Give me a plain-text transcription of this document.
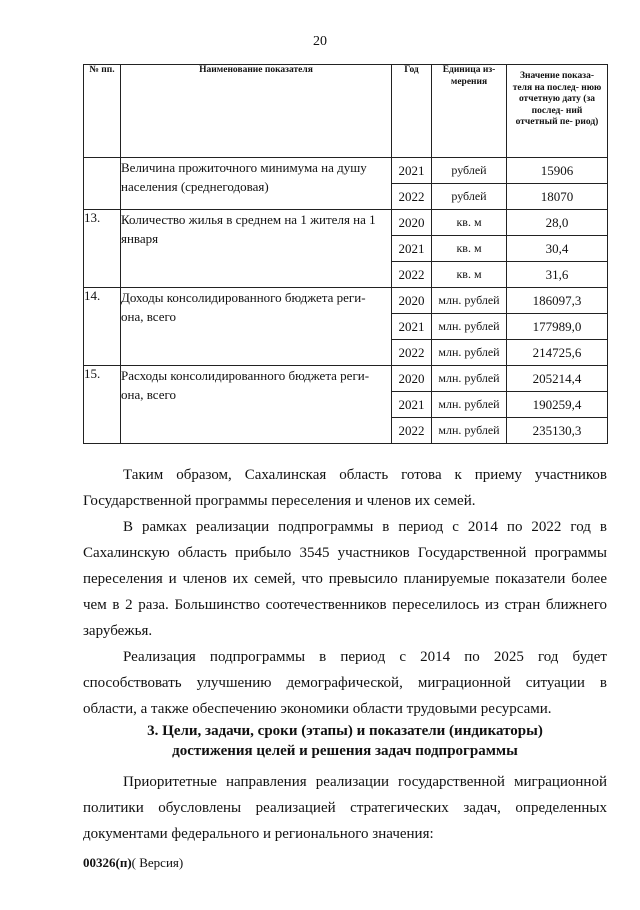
20
№ пп.	Наименование показателя	Год	Единица из- мерения	Значение показа- теля на послед- нюю отчетную дату (за послед- ний отчетный пе- риод)
	Величина прожиточного минимума на душу населения (среднегодовая)	2021	рублей	15906
		2022	рублей	18070
13.	Количество жилья в среднем на 1 жителя на 1 января	2020	кв. м	28,0
		2021	кв. м	30,4
		2022	кв. м	31,6
14.	Доходы консолидированного бюджета реги- она, всего	2020	млн. рублей	186097,3
		2021	млн. рублей	177989,0
		2022	млн. рублей	214725,6
15.	Расходы консолидированного бюджета реги- она, всего	2020	млн. рублей	205214,4
		2021	млн. рублей	190259,4
		2022	млн. рублей	235130,3

Таким образом, Сахалинская область готова к приему участников Государственной программы переселения и членов их семей.

В рамках реализации подпрограммы в период с 2014 по 2022 год в Сахалинскую область прибыло 3545 участников Государственной программы переселения и членов их семей, что превысило планируемые показатели более чем в 2 раза. Большинство соотечественников переселилось из стран ближнего зарубежья.

Реализация подпрограммы в период с 2014 по 2025 год будет способствовать улучшению демографической, миграционной ситуации в области, а также обеспечению экономики области трудовыми ресурсами.

3. Цели, задачи, сроки (этапы) и показатели (индикаторы)
достижения целей и решения задач подпрограммы

Приоритетные направления реализации государственной миграционной политики обусловлены реализацией стратегических задач, определенных документами федерального и регионального значения:

00326(п)( Версия)
